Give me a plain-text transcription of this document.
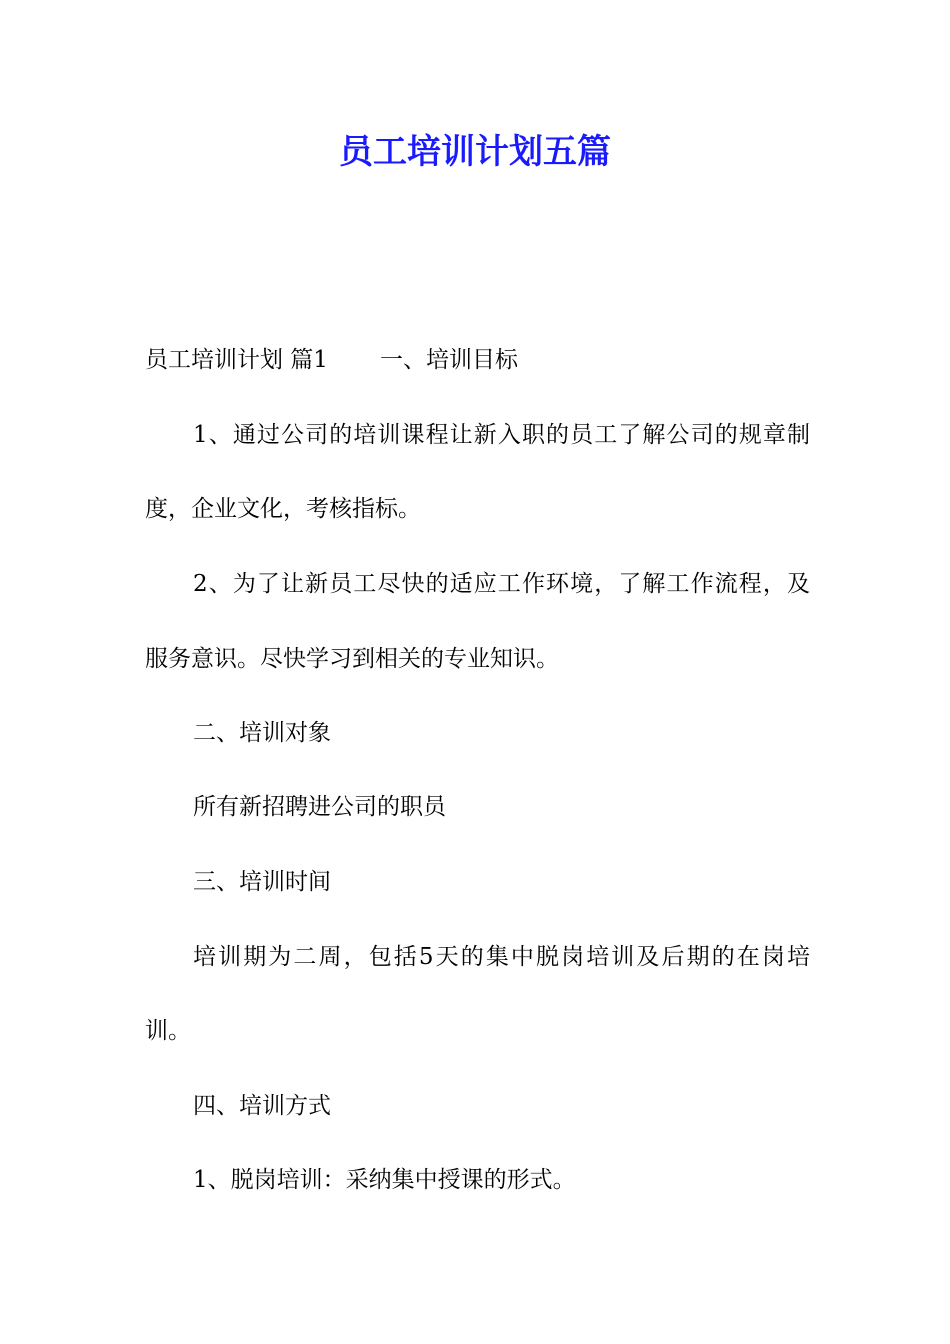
员工培训计划五篇

员工培训计划 篇1 一、培训目标

1、通过公司的培训课程让新入职的员工了解公司的规章制

度，企业文化，考核指标。

2、为了让新员工尽快的适应工作环境，了解工作流程，及

服务意识。尽快学习到相关的专业知识。

二、培训对象

所有新招聘进公司的职员

三、培训时间

培训期为二周，包括5天的集中脱岗培训及后期的在岗培

训。

四、培训方式

1、脱岗培训：采纳集中授课的形式。
